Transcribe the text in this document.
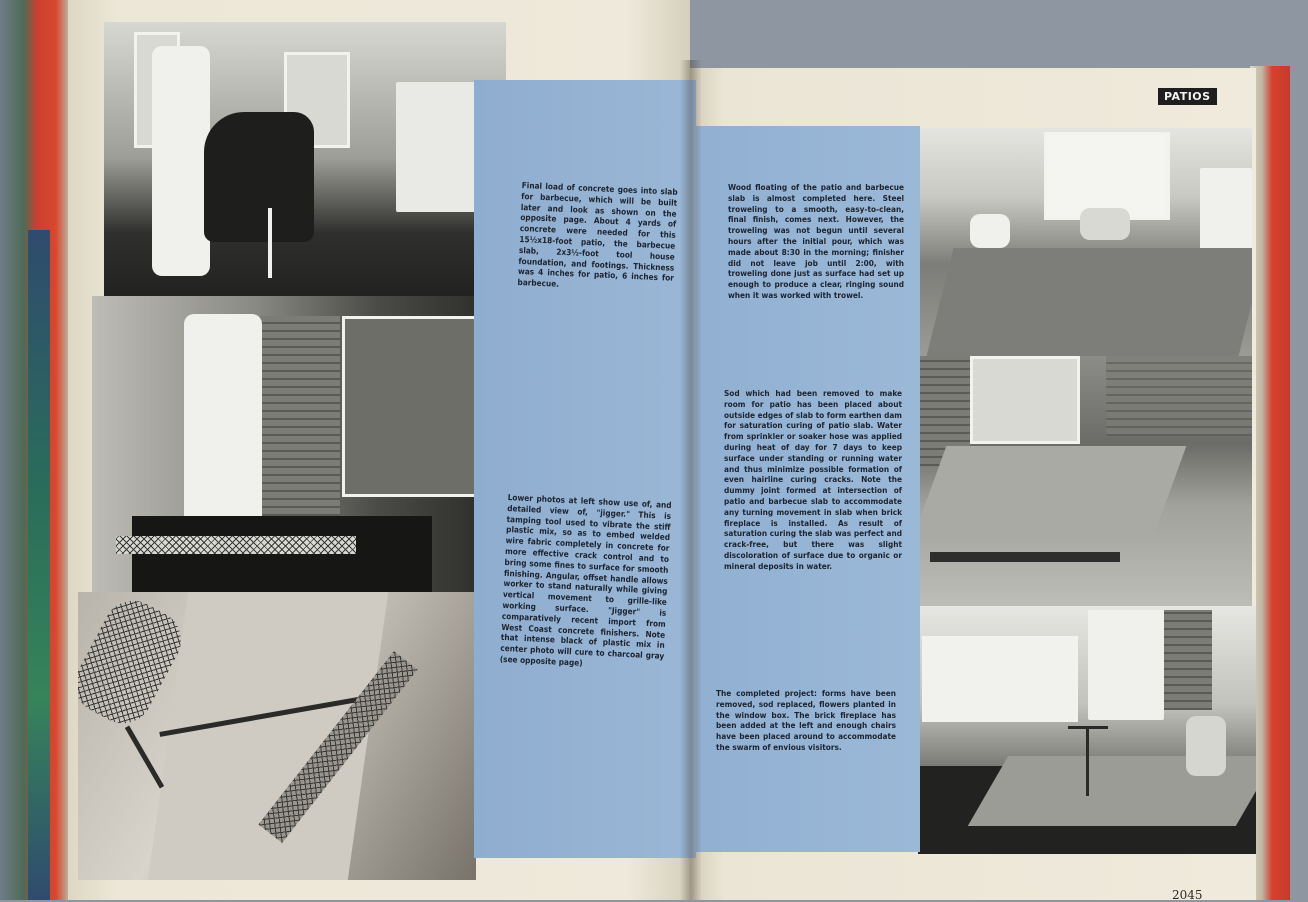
Final load of concrete goes into slab for barbecue, which will be built later and look as shown on the opposite page. About 4 yards of concrete were needed for this 15½x18-foot patio, the barbecue slab, 2x3½-foot tool house foundation, and footings. Thickness was 4 inches for patio, 6 inches for barbecue.

Lower photos at left show use of, and detailed view of, "jigger." This is tamping tool used to vibrate the stiff plastic mix, so as to embed welded wire fabric completely in concrete for more effective crack control and to bring some fines to surface for smooth finishing. Angular, offset handle allows worker to stand naturally while giving vertical movement to grille-like working surface. "Jigger" is comparatively recent import from West Coast concrete finishers. Note that intense black of plastic mix in center photo will cure to charcoal gray (see opposite page)

Wood floating of the patio and barbecue slab is almost completed here. Steel troweling to a smooth, easy-to-clean, final finish, comes next. However, the troweling was not begun until several hours after the initial pour, which was made about 8:30 in the morning; finisher did not leave job until 2:00, with troweling done just as surface had set up enough to produce a clear, ringing sound when it was worked with trowel.

Sod which had been removed to make room for patio has been placed about outside edges of slab to form earthen dam for saturation curing of patio slab. Water from sprinkler or soaker hose was applied during heat of day for 7 days to keep surface under standing or running water and thus minimize possible formation of even hairline curing cracks. Note the dummy joint formed at intersection of patio and barbecue slab to accommodate any turning movement in slab when brick fireplace is installed. As result of saturation curing the slab was perfect and crack-free, but there was slight discoloration of surface due to organic or mineral deposits in water.

The completed project: forms have been removed, sod replaced, flowers planted in the window box. The brick fireplace has been added at the left and enough chairs have been placed around to accommodate the swarm of envious visitors.

PATIOS
2045
